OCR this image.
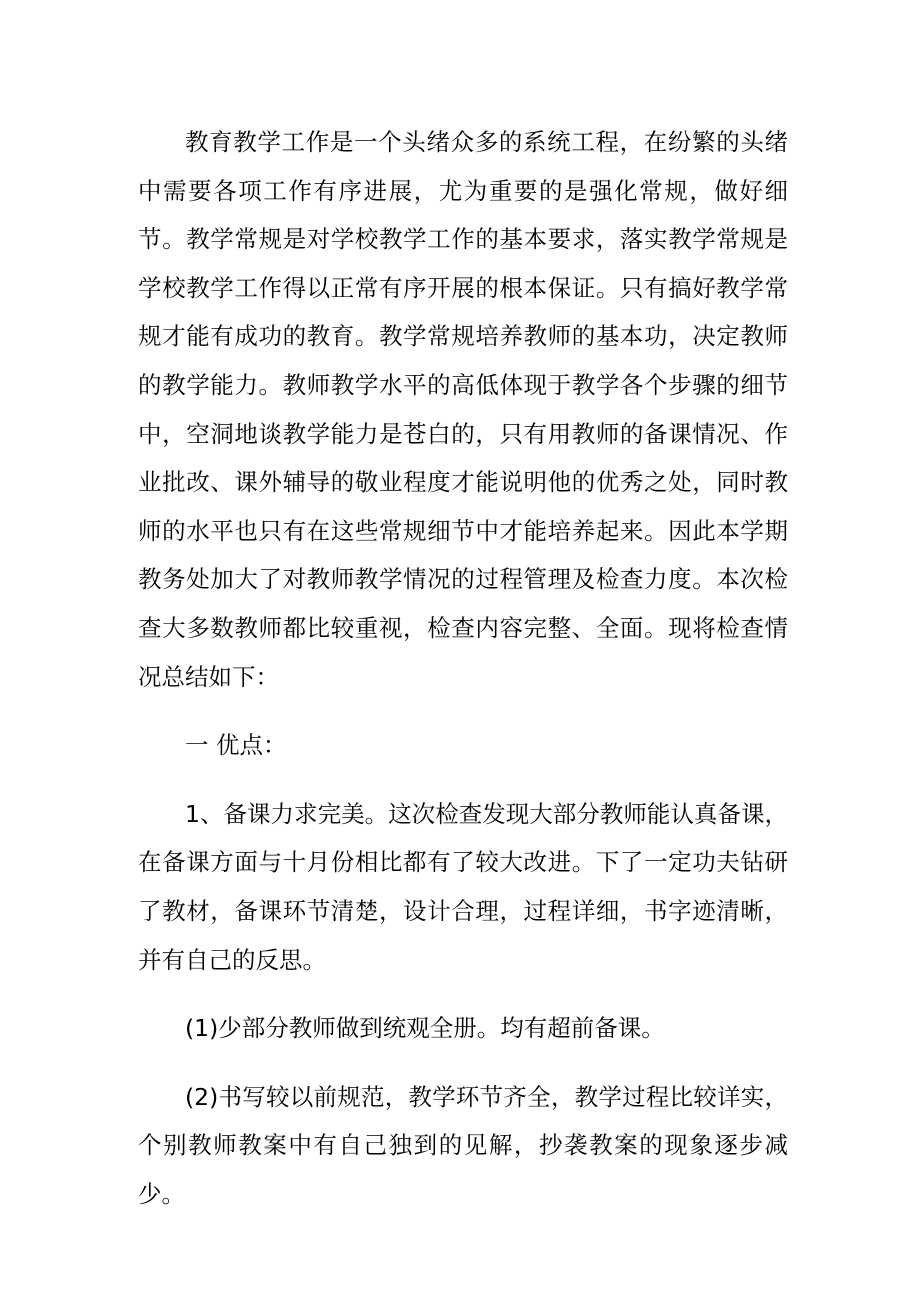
教育教学工作是一个头绪众多的系统工程，在纷繁的头绪中需要各项工作有序进展，尤为重要的是强化常规，做好细节。教学常规是对学校教学工作的基本要求，落实教学常规是学校教学工作得以正常有序开展的根本保证。只有搞好教学常规才能有成功的教育。教学常规培养教师的基本功，决定教师的教学能力。教师教学水平的高低体现于教学各个步骤的细节中，空洞地谈教学能力是苍白的，只有用教师的备课情况、作业批改、课外辅导的敬业程度才能说明他的优秀之处，同时教师的水平也只有在这些常规细节中才能培养起来。因此本学期教务处加大了对教师教学情况的过程管理及检查力度。本次检查大多数教师都比较重视，检查内容完整、全面。现将检查情况总结如下：

一 优点：

1、备课力求完美。这次检查发现大部分教师能认真备课，在备课方面与十月份相比都有了较大改进。下了一定功夫钻研了教材，备课环节清楚，设计合理，过程详细，书字迹清晰，并有自己的反思。

(1)少部分教师做到统观全册。均有超前备课。

(2)书写较以前规范，教学环节齐全，教学过程比较详实，个别教师教案中有自己独到的见解，抄袭教案的现象逐步减少。
